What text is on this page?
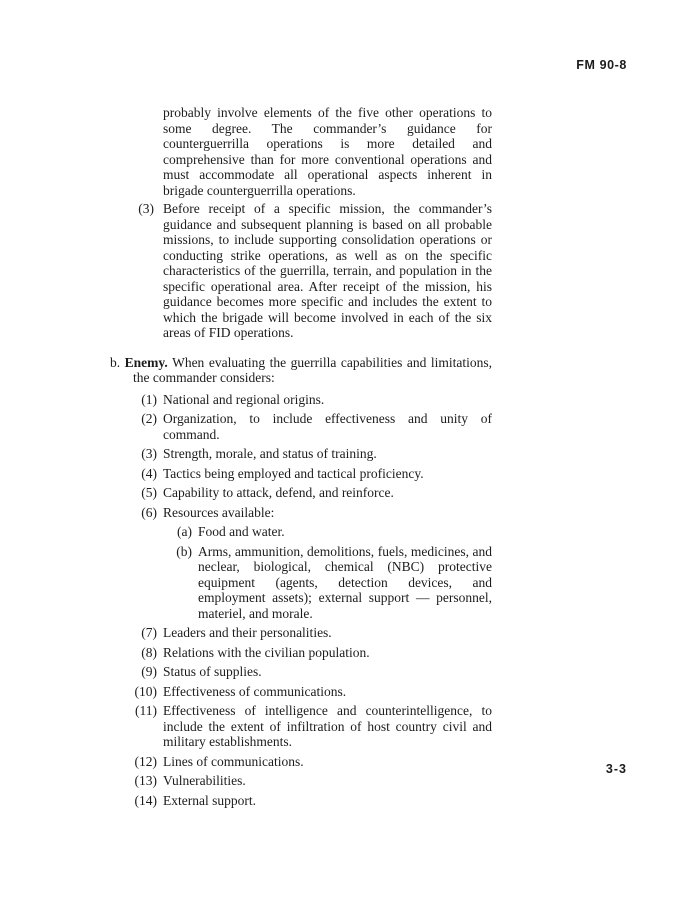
FM 90-8

probably involve elements of the five other operations to some degree. The commander’s guidance for counterguerrilla operations is more detailed and comprehensive than for more conventional operations and must accommodate all operational aspects inherent in brigade counterguerrilla operations.

(3) Before receipt of a specific mission, the commander’s guidance and subsequent planning is based on all probable missions, to include supporting consolidation operations or conducting strike operations, as well as on the specific characteristics of the guerrilla, terrain, and population in the specific operational area. After receipt of the mission, his guidance becomes more specific and includes the extent to which the brigade will become involved in each of the six areas of FID operations.

b. Enemy. When evaluating the guerrilla capabilities and limitations, the commander considers:

(1) National and regional origins.
(2) Organization, to include effectiveness and unity of command.
(3) Strength, morale, and status of training.
(4) Tactics being employed and tactical proficiency.
(5) Capability to attack, defend, and reinforce.
(6) Resources available:
(a) Food and water.
(b) Arms, ammunition, demolitions, fuels, medicines, and neclear, biological, chemical (NBC) protective equipment (agents, detection devices, and employment assets); external support — personnel, materiel, and morale.
(7) Leaders and their personalities.
(8) Relations with the civilian population.
(9) Status of supplies.
(10) Effectiveness of communications.
(11) Effectiveness of intelligence and counterintelligence, to include the extent of infiltration of host country civil and military establishments.
(12) Lines of communications.
(13) Vulnerabilities.
(14) External support.
3-3
